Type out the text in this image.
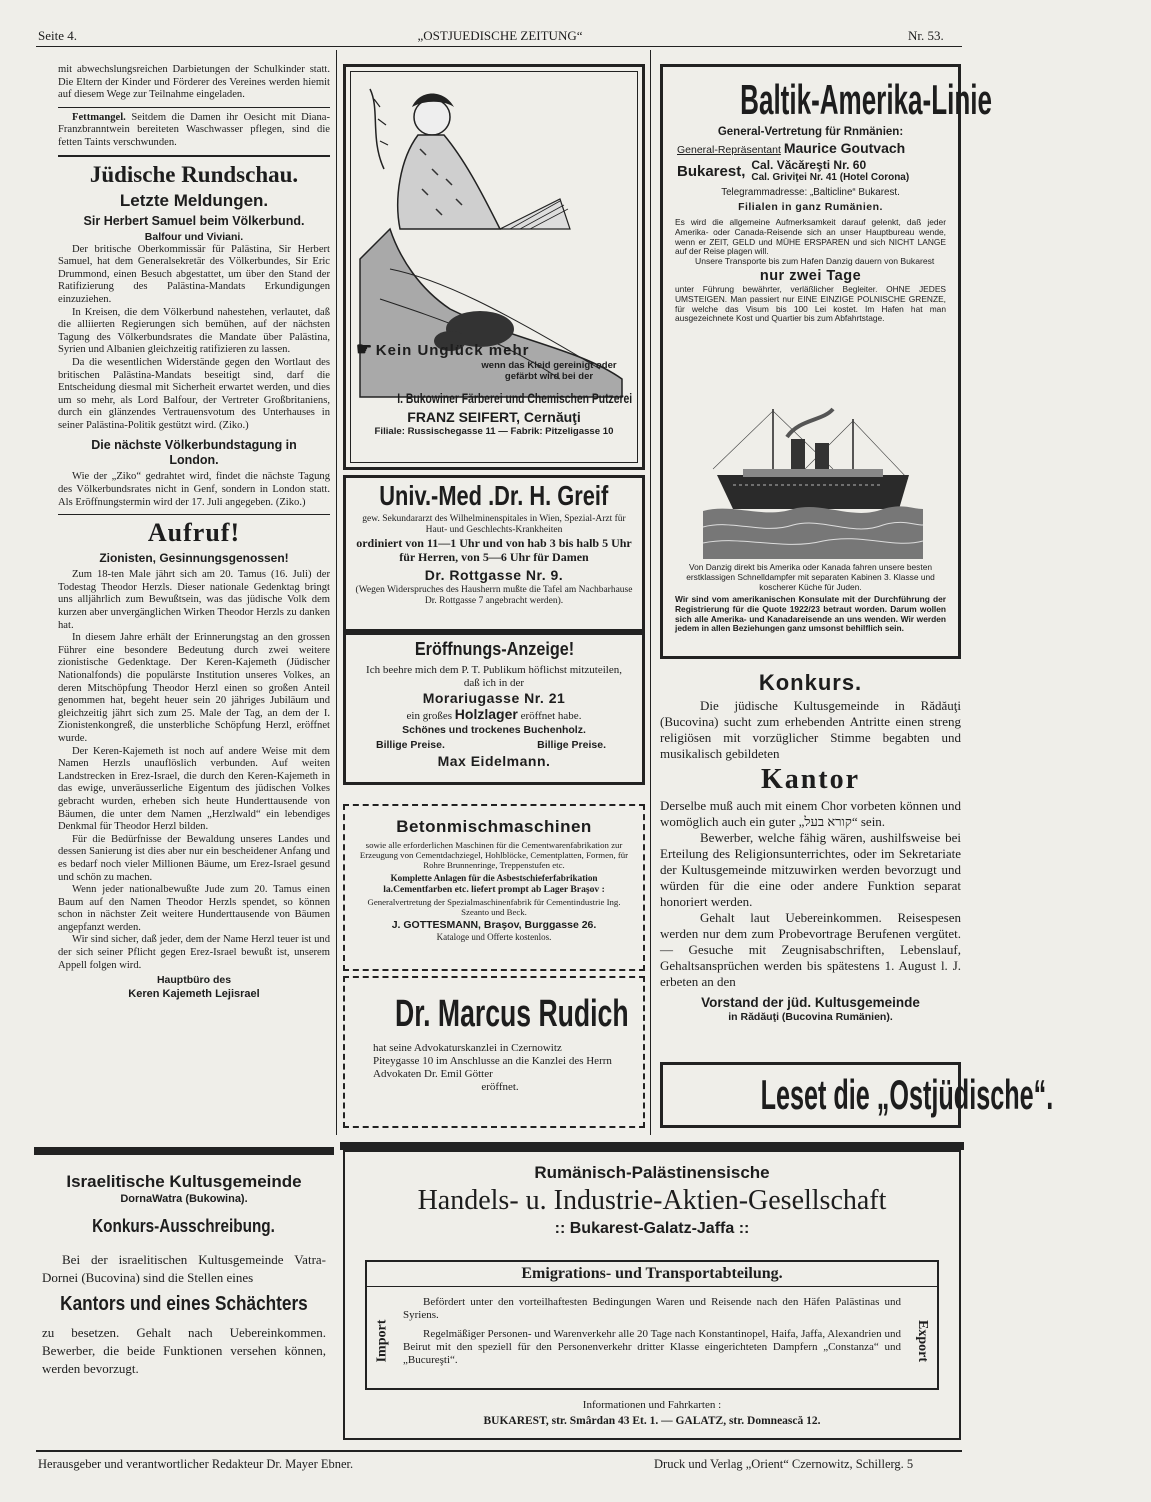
Seite 4.	„OSTJUEDISCHE ZEITUNG“	Nr. 53.

mit abwechslungsreichen Darbietungen der Schulkinder statt. Die Eltern der Kinder und Förderer des Vereines werden hiemit auf diesem Wege zur Teilnahme eingeladen.

Fettmangel. Seitdem die Damen ihr Oesicht mit Diana-Franzbranntwein bereiteten Waschwasser pflegen, sind die fetten Taints verschwunden.

Jüdische Rundschau.
Letzte Meldungen.
Sir Herbert Samuel beim Völkerbund.
Balfour und Viviani.

Der britische Oberkommissär für Palästina, Sir Herbert Samuel, hat dem Generalsekretär des Völkerbundes, Sir Eric Drummond, einen Besuch abgestattet, um über den Stand der Ratifizierung des Palästina-Mandats Erkundigungen einzuziehen.

In Kreisen, die dem Völkerbund nahestehen, verlautet, daß die alliierten Regierungen sich bemühen, auf der nächsten Tagung des Völkerbundsrates die Mandate über Palästina, Syrien und Albanien gleichzeitig ratifizieren zu lassen.

Da die wesentlichen Widerstände gegen den Wortlaut des britischen Palästina-Mandats beseitigt sind, darf die Entscheidung diesmal mit Sicherheit erwartet werden, und dies um so mehr, als Lord Balfour, der Vertreter Großbritaniens, durch ein glänzendes Vertrauensvotum des Unterhauses in seiner Palästina-Politik gestützt wird. (Ziko.)

Die nächste Völkerbundstagung in London.

Wie der „Ziko“ gedrahtet wird, findet die nächste Tagung des Völkerbundsrates nicht in Genf, sondern in London statt. Als Eröffnungstermin wird der 17. Juli angegeben. (Ziko.)

Aufruf!
Zionisten, Gesinnungsgenossen!

Zum 18-ten Male jährt sich am 20. Tamus (16. Juli) der Todestag Theodor Herzls. Dieser nationale Gedenktag bringt uns alljährlich zum Bewußtsein, was das jüdische Volk dem kurzen aber unvergänglichen Wirken Theodor Herzls zu danken hat.

In diesem Jahre erhält der Erinnerungstag an den grossen Führer eine besondere Bedeutung durch zwei weitere zionistische Gedenktage. Der Keren-Kajemeth (Jüdischer Nationalfonds) die populärste Institution unseres Volkes, an deren Mitschöpfung Theodor Herzl einen so großen Anteil genommen hat, begeht heuer sein 20 jähriges Jubiläum und gleichzeitig jährt sich zum 25. Male der Tag, an dem der I. Zionistenkongreß, die unsterbliche Schöpfung Herzl, eröffnet wurde.

Der Keren-Kajemeth ist noch auf andere Weise mit dem Namen Herzls unauflöslich verbunden. Auf weiten Landstrecken in Erez-Israel, die durch den Keren-Kajemeth in das ewige, unveräusserliche Eigentum des jüdischen Volkes gebracht wurden, erheben sich heute Hunderttausende von Bäumen, die unter dem Namen „Herzlwald“ ein lebendiges Denkmal für Theodor Herzl bilden.

Für die Bedürfnisse der Bewaldung unseres Landes und dessen Sanierung ist dies aber nur ein bescheidener Anfang und es bedarf noch vieler Millionen Bäume, um Erez-Israel gesund und schön zu machen.

Wenn jeder nationalbewußte Jude zum 20. Tamus einen Baum auf den Namen Theodor Herzls spendet, so können schon in nächster Zeit weitere Hunderttausende von Bäumen angepfanzt werden.

Wir sind sicher, daß jeder, dem der Name Herzl teuer ist und der sich seiner Pflicht gegen Erez-Israel bewußt ist, unserem Appell folgen wird.

Hauptbüro des
Keren Kajemeth Lejisrael
Israelitische Kultusgemeinde
DornaWatra (Bukowina).
Konkurs-Ausschreibung.
Bei der israelitischen Kultusgemeinde Vatra-Dornei (Bucovina) sind die Stellen eines
Kantors und eines Schächters
zu besetzen. Gehalt nach Uebereinkommen. Bewerber, die beide Funktionen versehen können, werden bevorzugt.
☛ Kein Unglück mehr
wenn das Kleid gereinigt oder gefärbt wird bei der
I. Bukowiner Färberei und Chemischen Putzerei
FRANZ SEIFERT, Cernăuţi
Filiale: Russischegasse 11 — Fabrik: Pitzeligasse 10
Univ.-Med .Dr. H. Greif
gew. Sekundararzt des Wilhelminenspitales in Wien, Spezial-Arzt für Haut- und Geschlechts-Krankheiten
ordiniert von 11—1 Uhr und von hab 3 bis halb 5 Uhr für Herren, von 5—6 Uhr für Damen
Dr. Rottgasse Nr. 9.
(Wegen Widerspruches des Hausherrn mußte die Tafel am Nachbarhause Dr. Rottgasse 7 angebracht werden).
Eröffnungs-Anzeige!
Ich beehre mich dem P. T. Publikum höflichst mitzuteilen, daß ich in der
Morariugasse Nr. 21
ein großes Holzlager eröffnet habe.
Schönes und trockenes Buchenholz.
Billige Preise.	Billige Preise.
Max Eidelmann.
Betonmischmaschinen
sowie alle erforderlichen Maschinen für die Cementwarenfabrikation zur Erzeugung von Cementdachziegel, Hohlblöcke, Cementplatten, Formen, für Rohre Brunnenringe, Treppenstufen etc.
Komplette Anlagen für die Asbestschieferfabrikation
la.Cementfarben etc. liefert prompt ab Lager Braşov :
Generalvertretung der Spezialmaschinenfabrik für Cementindustrie Ing. Szeanto und Beck.
J. GOTTESMANN, Braşov, Burggasse 26.
Kataloge und Offerte kostenlos.
Dr. Marcus Rudich
hat seine Advokaturskanzlei in Czernowitz
Piteygasse 10 im Anschlusse an die Kanzlei des Herrn Advokaten Dr. Emil Götter
eröffnet.
Baltik-Amerika-Linie
General-Vertretung für Rnmänien:
General-Repräsentant Maurice Goutvach
Bukarest, Cal. Văcăreşti Nr. 60
Cal. Griviţei Nr. 41 (Hotel Corona)
Telegrammadresse: „Balticline“ Bukarest.
Filialen in ganz Rumänien.
Es wird die allgemeine Aufmerksamkeit darauf gelenkt, daß jeder Amerika- oder Canada-Reisende sich an unser Hauptbureau wende, wenn er ZEIT, GELD und MÜHE ERSPAREN und sich NICHT LANGE auf der Reise plagen will.
Unsere Transporte bis zum Hafen Danzig dauern von Bukarest
nur zwei Tage
unter Führung bewährter, verläßlicher Begleiter. OHNE JEDES UMSTEIGEN. Man passiert nur EINE EINZIGE POLNISCHE GRENZE, für welche das Visum bis 100 Lei kostet. Im Hafen hat man ausgezeichnete Kost und Quartier bis zum Abfahrtstage.
Von Danzig direkt bis Amerika oder Kanada fahren unsere besten erstklassigen Schnelldampfer mit separaten Kabinen 3. Klasse und koscherer Küche für Juden.
Wir sind vom amerikanischen Konsulate mit der Durchführung der Registrierung für die Quote 1922/23 betraut worden. Darum wollen sich alle Amerika- und Kanadareisende an uns wenden. Wir werden jedem in allen Beziehungen ganz umsonst behilflich sein.
Konkurs.
Die jüdische Kultusgemeinde in Rădăuţi (Bucovina) sucht zum erhebenden Antritte einen streng religiösen mit vorzüglicher Stimme begabten und musikalisch gebildeten
Kantor
Derselbe muß auch mit einem Chor vorbeten können und womöglich auch ein guter „קורא בעל“ sein.
Bewerber, welche fähig wären, aushilfsweise bei Erteilung des Religionsunterrichtes, oder im Sekretariate der Kultusgemeinde mitzuwirken werden bevorzugt und würden für die eine oder andere Funktion separat honoriert werden.
Gehalt laut Uebereinkommen. Reisespesen werden nur dem zum Probevortrage Berufenen vergütet. — Gesuche mit Zeugnisabschriften, Lebenslauf, Gehaltsansprüchen werden bis spätestens 1. August l. J. erbeten an den
Vorstand der jüd. Kultusgemeinde
in Rădăuţi (Bucovina Rumänien).
Leset die „Ostjüdische“.
Rumänisch-Palästinensische
Handels- u. Industrie-Aktien-Gesellschaft
:: Bukarest-Galatz-Jaffa ::
Emigrations- und Transportabteilung.
Import	Export
Befördert unter den vorteilhaftesten Bedingungen Waren und Reisende nach den Häfen Palästinas und Syriens.
Regelmäßiger Personen- und Warenverkehr alle 20 Tage nach Konstantinopel, Haifa, Jaffa, Alexandrien und Beirut mit den speziell für den Personenverkehr dritter Klasse eingerichteten Dampfern „Constanza“ und „Bucureşti“.
Informationen und Fahrkarten :
BUKAREST, str. Smârdan 43 Et. 1. — GALATZ, str. Domnească 12.
Herausgeber und verantwortlicher Redakteur Dr. Mayer Ebner.	Druck und Verlag „Orient“ Czernowitz, Schillerg. 5
